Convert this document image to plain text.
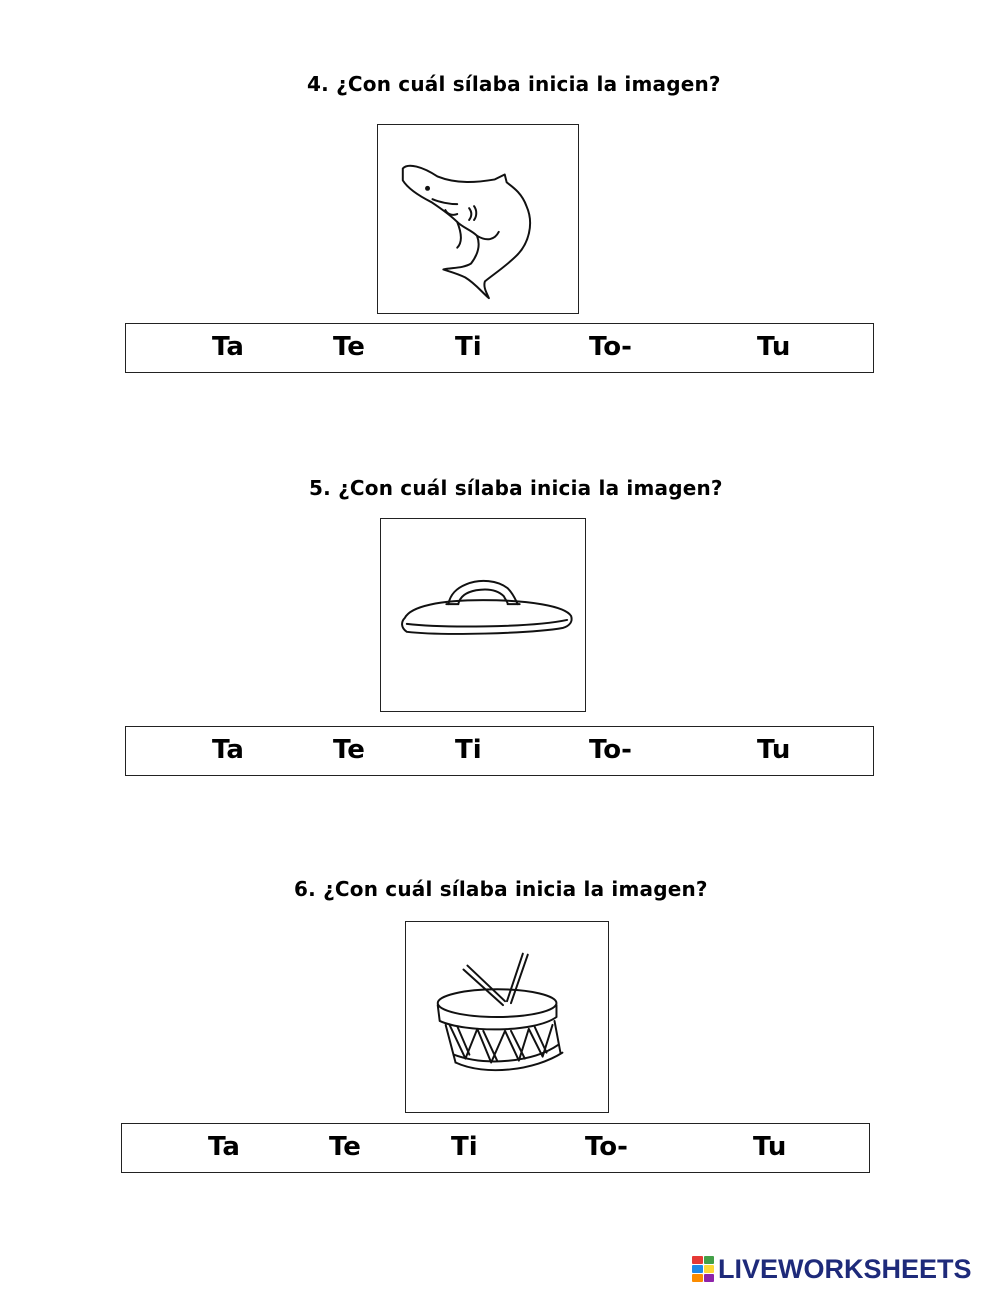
4. ¿Con cuál sílaba inicia la imagen?
Ta	Te	Ti	To-	Tu
5. ¿Con cuál sílaba inicia la imagen?
Ta	Te	Ti	To-	Tu
6. ¿Con cuál sílaba inicia la imagen?
Ta	Te	Ti	To-	Tu
LIVEWORKSHEETS
